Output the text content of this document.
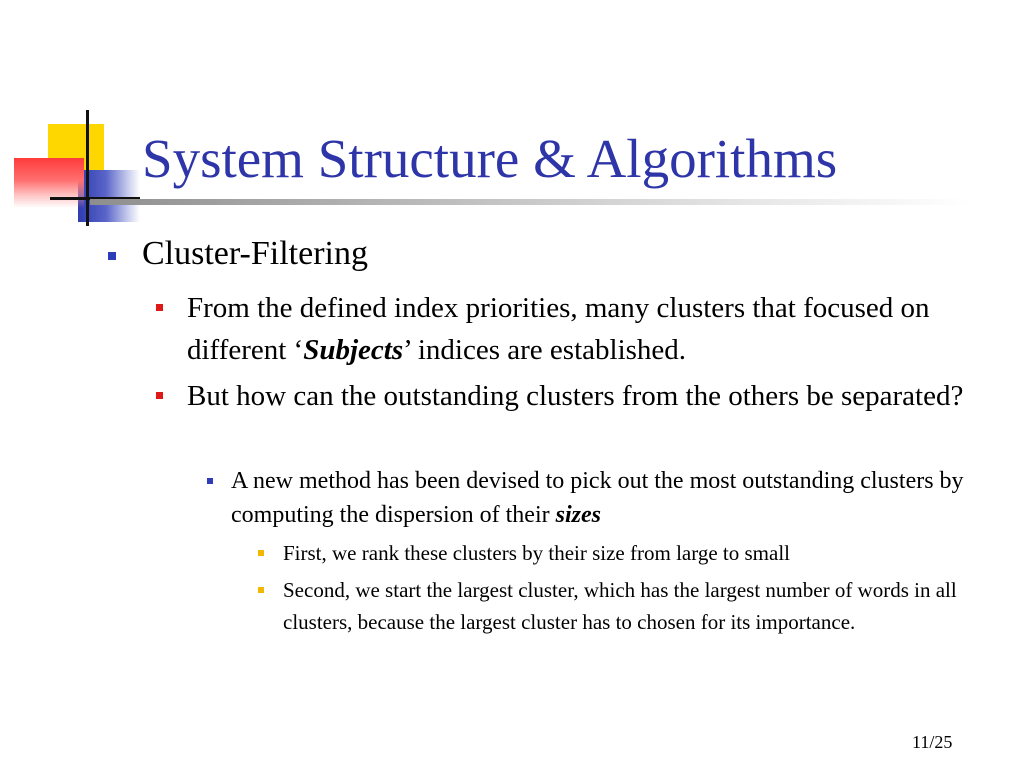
System Structure & Algorithms
Cluster-Filtering
From the defined index priorities, many clusters that focused on different ‘Subjects’ indices are established.
But how can the outstanding clusters from the others be separated?
A new method has been devised to pick out the most outstanding clusters by computing the dispersion of their sizes
First, we rank these clusters by their size from large to small
Second, we start the largest cluster, which has the largest number of words in all clusters, because the largest cluster has to chosen for its importance.
11/25
